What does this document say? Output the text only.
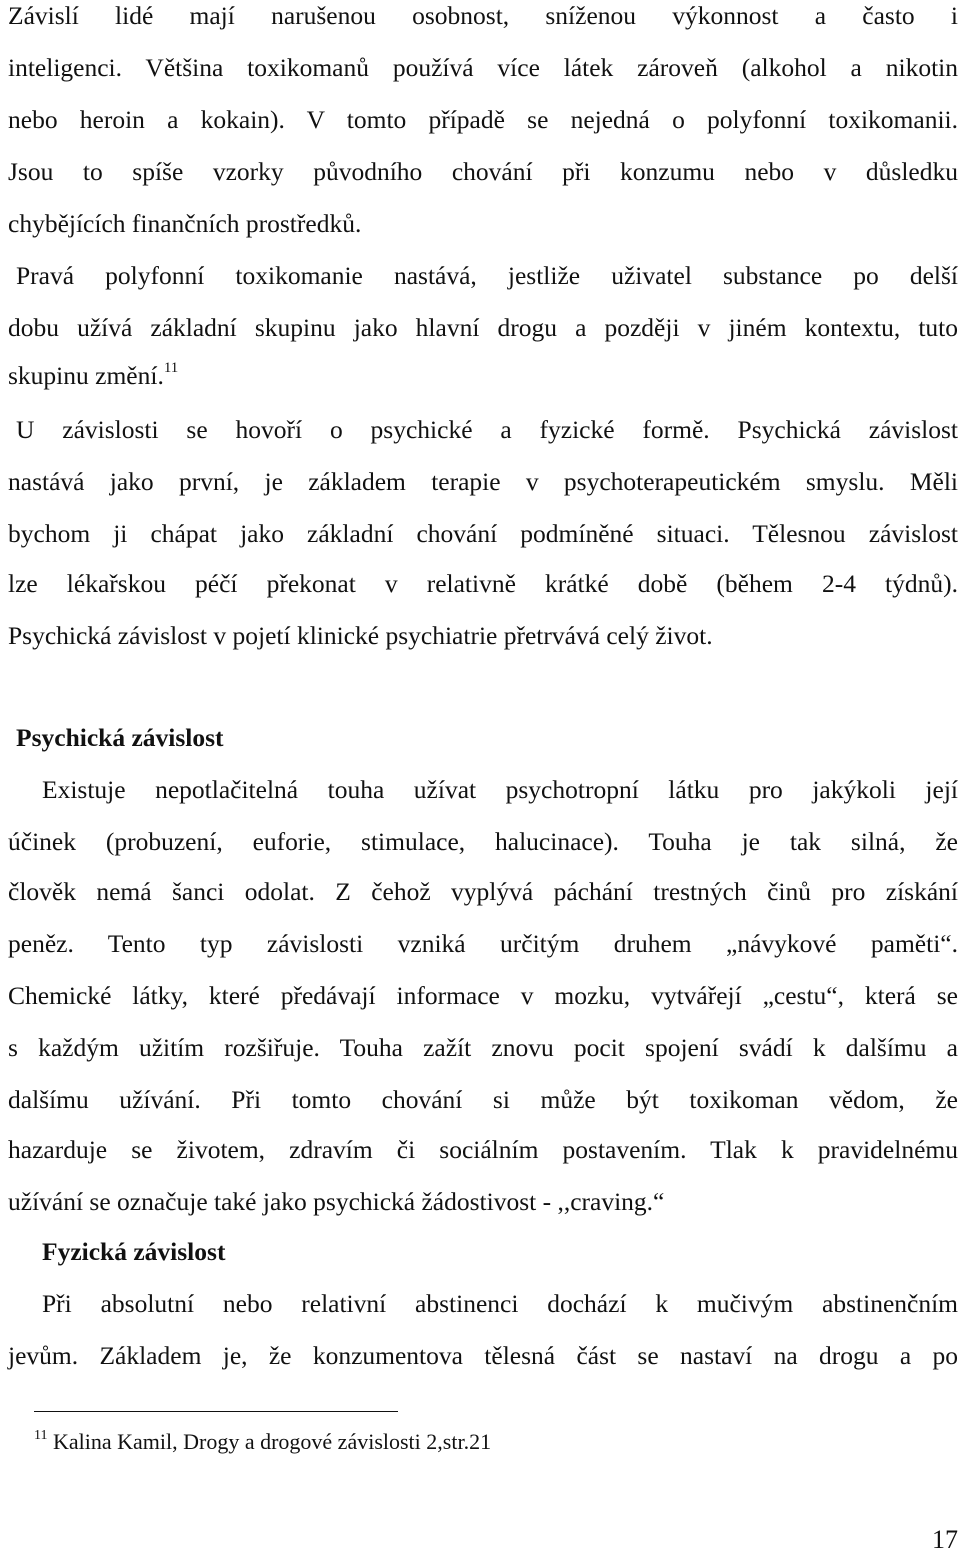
Závislí lidé mají narušenou osobnost, sníženou výkonnost a často i
inteligenci. Většina toxikomanů používá více látek zároveň (alkohol a nikotin
nebo heroin a kokain). V tomto případě se nejedná o polyfonní toxikomanii.
Jsou to spíše vzorky původního chování při konzumu nebo v důsledku
chybějících finančních prostředků.
Pravá polyfonní toxikomanie nastává, jestliže uživatel substance po delší
dobu užívá základní skupinu jako hlavní drogu a později v jiném kontextu, tuto
skupinu změní.$^{11}$
U závislosti se hovoří o psychické a fyzické formě. Psychická závislost
nastává jako první, je základem terapie v psychoterapeutickém smyslu. Měli
bychom ji chápat jako základní chování podmíněné situaci. Tělesnou závislost
lze lékařskou péčí překonat v relativně krátké době (během 2-4 týdnů).
Psychická závislost v pojetí klinické psychiatrie přetrvává celý život.
Psychická závislost
Existuje nepotlačitelná touha užívat psychotropní látku pro jakýkoli její
účinek (probuzení, euforie, stimulace, halucinace). Touha je tak silná, že
člověk nemá šanci odolat. Z čehož vyplývá páchání trestných činů pro získání
peněz. Tento typ závislosti vzniká určitým druhem „návykové paměti“.
Chemické látky, které předávají informace v mozku, vytvářejí „cestu“, která se
s každým užitím rozšiřuje. Touha zažít znovu pocit spojení svádí k dalšímu a
dalšímu užívání. Při tomto chování si může být toxikoman vědom, že
hazarduje se životem, zdravím či sociálním postavením. Tlak k pravidelnému
užívání se označuje také jako psychická žádostivost - ,,craving.“
Fyzická závislost
Při absolutní nebo relativní abstinenci dochází k mučivým abstinenčním
jevům. Základem je, že konzumentova tělesná část se nastaví na drogu a po
$^{11}$ Kalina Kamil, Drogy a drogové závislosti 2,str.21
17
